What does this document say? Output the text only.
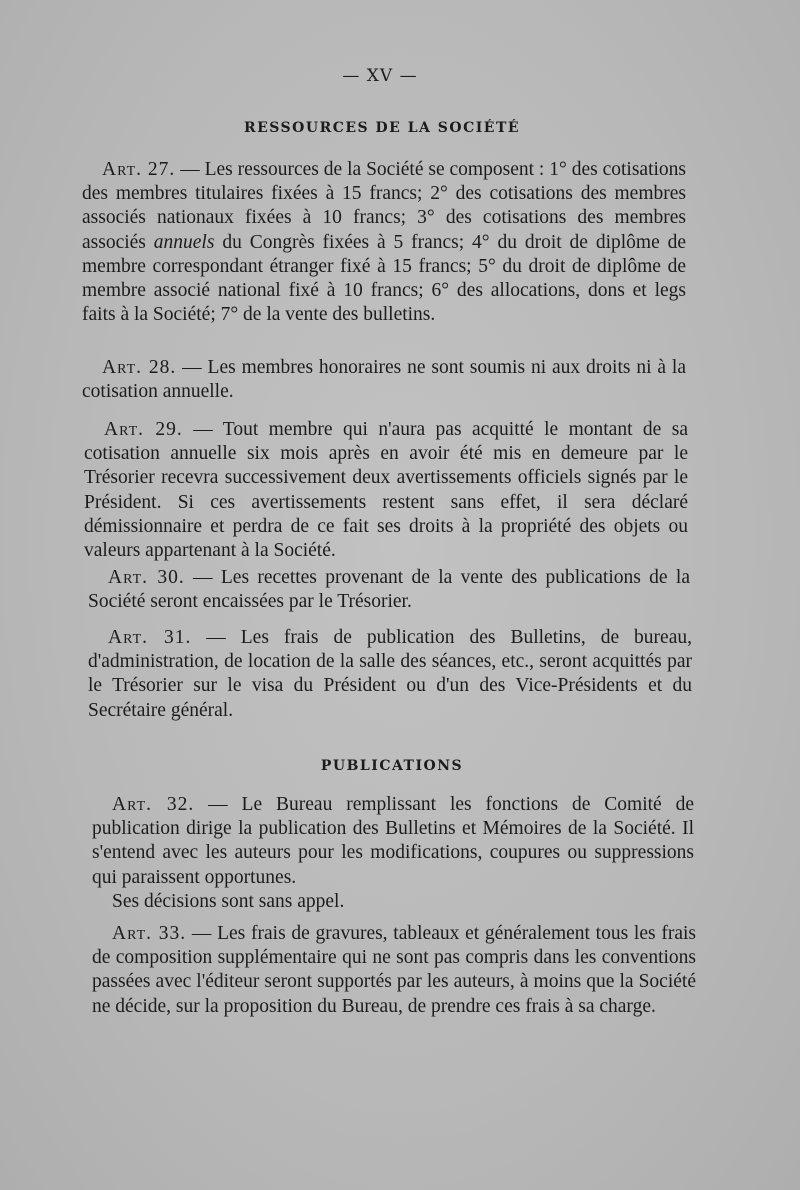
— XV —
RESSOURCES DE LA SOCIÉTÉ
Art. 27. — Les ressources de la Société se composent : 1° des cotisations des membres titulaires fixées à 15 francs; 2° des cotisations des membres associés nationaux fixées à 10 francs; 3° des cotisations des membres associés annuels du Congrès fixées à 5 francs; 4° du droit de diplôme de membre correspondant étranger fixé à 15 francs; 5° du droit de diplôme de membre associé national fixé à 10 francs; 6° des allocations, dons et legs faits à la Société; 7° de la vente des bulletins.
Art. 28. — Les membres honoraires ne sont soumis ni aux droits ni à la cotisation annuelle.
Art. 29. — Tout membre qui n'aura pas acquitté le montant de sa cotisation annuelle six mois après en avoir été mis en demeure par le Trésorier recevra successivement deux avertissements officiels signés par le Président. Si ces avertissements restent sans effet, il sera déclaré démissionnaire et perdra de ce fait ses droits à la propriété des objets ou valeurs appartenant à la Société.
Art. 30. — Les recettes provenant de la vente des publications de la Société seront encaissées par le Trésorier.
Art. 31. — Les frais de publication des Bulletins, de bureau, d'administration, de location de la salle des séances, etc., seront acquittés par le Trésorier sur le visa du Président ou d'un des Vice-Présidents et du Secrétaire général.
PUBLICATIONS
Art. 32. — Le Bureau remplissant les fonctions de Comité de publication dirige la publication des Bulletins et Mémoires de la Société. Il s'entend avec les auteurs pour les modifications, coupures ou suppressions qui paraissent opportunes.
Ses décisions sont sans appel.
Art. 33. — Les frais de gravures, tableaux et généralement tous les frais de composition supplémentaire qui ne sont pas compris dans les conventions passées avec l'éditeur seront supportés par les auteurs, à moins que la Société ne décide, sur la proposition du Bureau, de prendre ces frais à sa charge.
